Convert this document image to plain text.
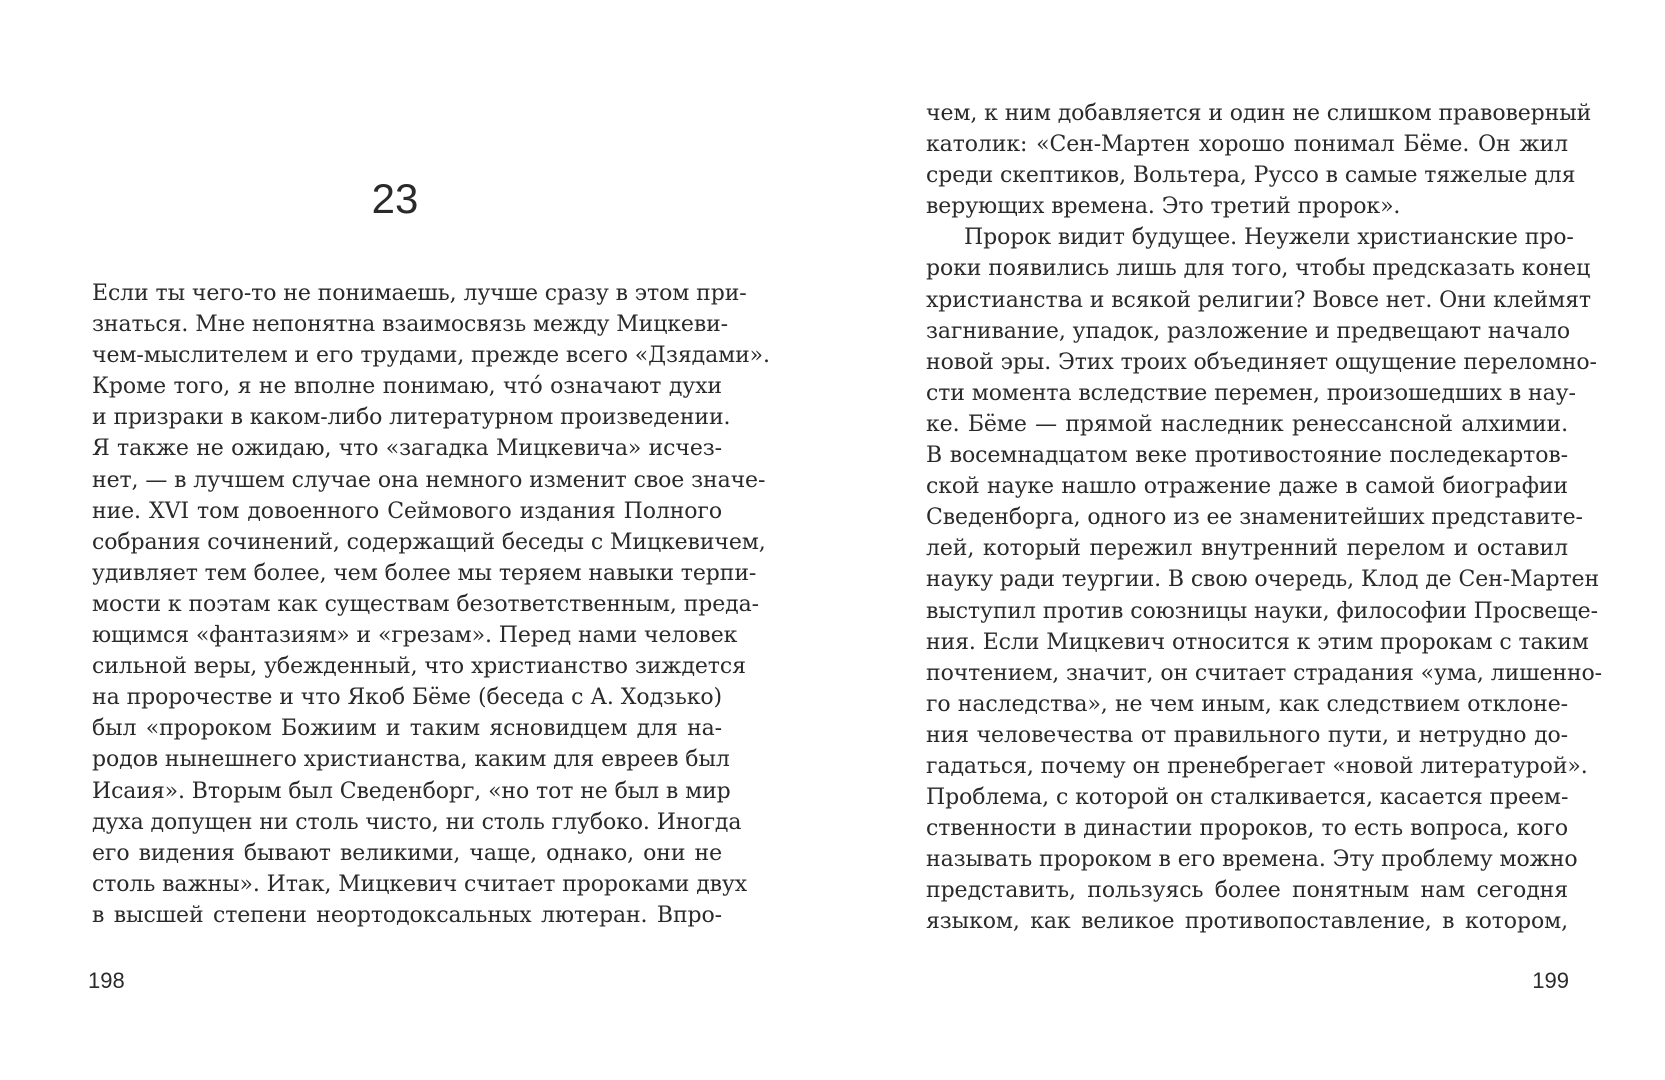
23
Если ты чего-то не понимаешь, лучше сразу в этом при-
знаться. Мне непонятна взаимосвязь между Мицкеви-
чем-мыслителем и его трудами, прежде всего «Дзядами».
Кроме того, я не вполне понимаю, что́ означают духи
и призраки в каком-либо литературном произведении.
Я также не ожидаю, что «загадка Мицкевича» исчез-
нет, — в лучшем случае она немного изменит свое значе-
ние. XVI том довоенного Сеймового издания Полного
собрания сочинений, содержащий беседы с Мицкевичем,
удивляет тем более, чем более мы теряем навыки терпи-
мости к поэтам как существам безответственным, преда-
ющимся «фантазиям» и «грезам». Перед нами человек
сильной веры, убежденный, что христианство зиждется
на пророчестве и что Якоб Бёме (беседа с А. Ходзько)
был «пророком Божиим и таким ясновидцем для на-
родов нынешнего христианства, каким для евреев был
Исаия». Вторым был Сведенборг, «но тот не был в мир
духа допущен ни столь чисто, ни столь глубоко. Иногда
его видения бывают великими, чаще, однако, они не
столь важны». Итак, Мицкевич считает пророками двух
в высшей степени неортодоксальных лютеран. Впро-
198
чем, к ним добавляется и один не слишком правоверный
католик: «Сен-Мартен хорошо понимал Бёме. Он жил
среди скептиков, Вольтера, Руссо в самые тяжелые для
верующих времена. Это третий пророк».
Пророк видит будущее. Неужели христианские про-
роки появились лишь для того, чтобы предсказать конец
христианства и всякой религии? Вовсе нет. Они клеймят
загнивание, упадок, разложение и предвещают начало
новой эры. Этих троих объединяет ощущение переломно-
сти момента вследствие перемен, произошедших в нау-
ке. Бёме — прямой наследник ренессансной алхимии.
В восемнадцатом веке противостояние последекартов-
ской науке нашло отражение даже в самой биографии
Сведенборга, одного из ее знаменитейших представите-
лей, который пережил внутренний перелом и оставил
науку ради теургии. В свою очередь, Клод де Сен-Мартен
выступил против союзницы науки, философии Просвеще-
ния. Если Мицкевич относится к этим пророкам с таким
почтением, значит, он считает страдания «ума, лишенно-
го наследства», не чем иным, как следствием отклоне-
ния человечества от правильного пути, и нетрудно до-
гадаться, почему он пренебрегает «новой литературой».
Проблема, с которой он сталкивается, касается преем-
ственности в династии пророков, то есть вопроса, кого
называть пророком в его времена. Эту проблему можно
представить, пользуясь более понятным нам сегодня
языком, как великое противопоставление, в котором,
199
